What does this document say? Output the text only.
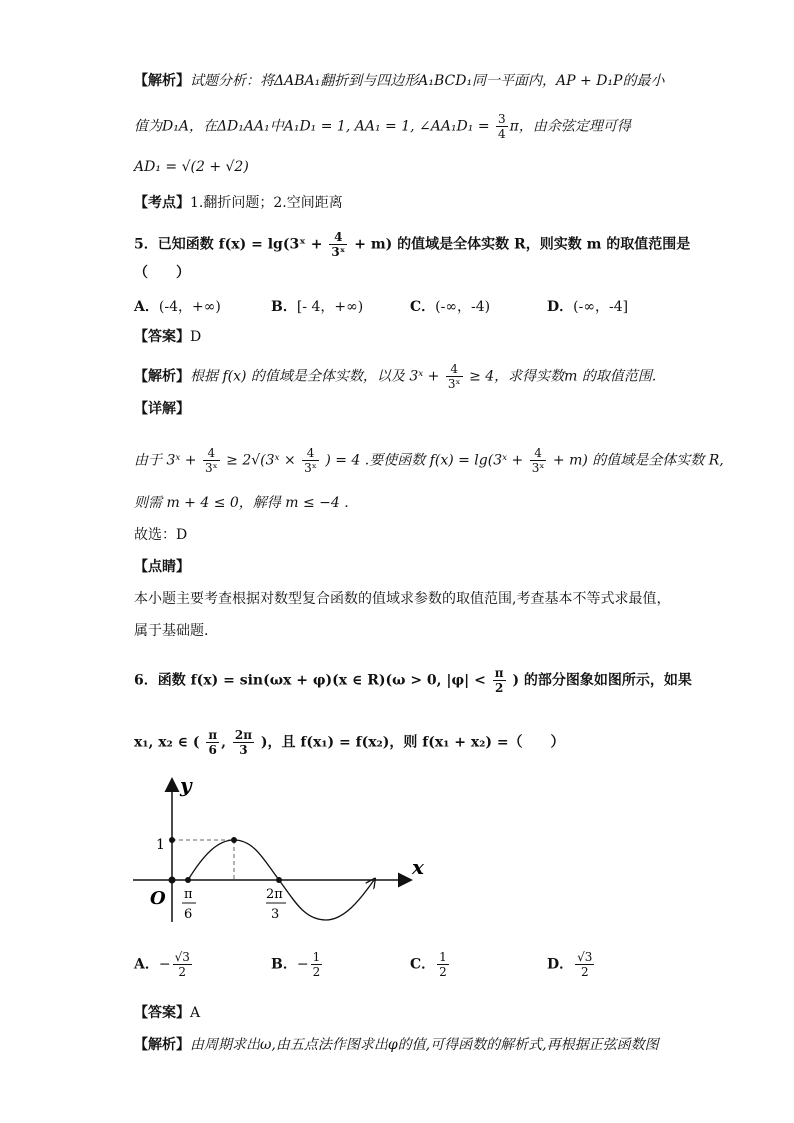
【 解析 】 试题分析：将ΔABA₁翻折到与四边形A₁BCD₁同一平面内，AP + D₁P的最小
值为D₁A，在ΔD₁AA₁中A₁D₁ = 1, AA₁ = 1, ∠AA₁D₁ = $\frac{3}{4}$ π，由余弦定理可得
AD₁ = √(2 + √2)
【 考点 】 1.翻折问题；2.空间距离
5．已知函数 f(x) = lg(3ˣ + $\frac{4}{\text{3ˣ}} + m$) 的值域是全体实数 R，则实数 m 的取值范围是
（　　）
A．(-4，+∞)	B．[- 4，+∞)	C．(-∞，-4)	D．(-∞，-4]
【 答案 】 D
【 解析 】 根据 f(x) 的值域是全体实数，以及 3ˣ + $\frac{4}{\text{3ˣ}} \ge 4$，求得实数m 的取值范围.
【 详解 】
由于 3ˣ + $\frac{4}{\text{3ˣ}}$ ≥ 2√(3ˣ × $\frac{4}{\text{3ˣ}}$ ) = 4 .要使函数 f(x) = lg(3ˣ + $\frac{4}{\text{3ˣ}} + m$) 的值域是全体实数 R,
则需 m + 4 ≤ 0，解得 m ≤ −4 .
故选：D
【 点睛 】
本小题主要考查根据对数型复合函数的值域求参数的取值范围,考查基本不等式求最值，
属于基础题.
6．函数 f(x) = sin(ωx + φ)(x ∈ R)(ω > 0, $|\varphi| < \frac{\pi}{2}$ ) 的部分图象如图所示，如果
x₁, x₂ ∈ ( $\frac{\pi}{6}$ , $\frac{2\pi}{3}$ )，且 f(x₁) = f(x₂)，则 f(x₁ + x₂) =（　　）
y
x
O
1
π
6
2π
3
A．− $\frac{√3}{2}$	B．− $\frac{1}{2}$	C． $\frac{1}{2}$	D． $\frac{√3}{2}$
【 答案 】 A
【 解析 】 由周期求出ω,由五点法作图求出φ的值,可得函数的解析式,再根据正弦函数图
